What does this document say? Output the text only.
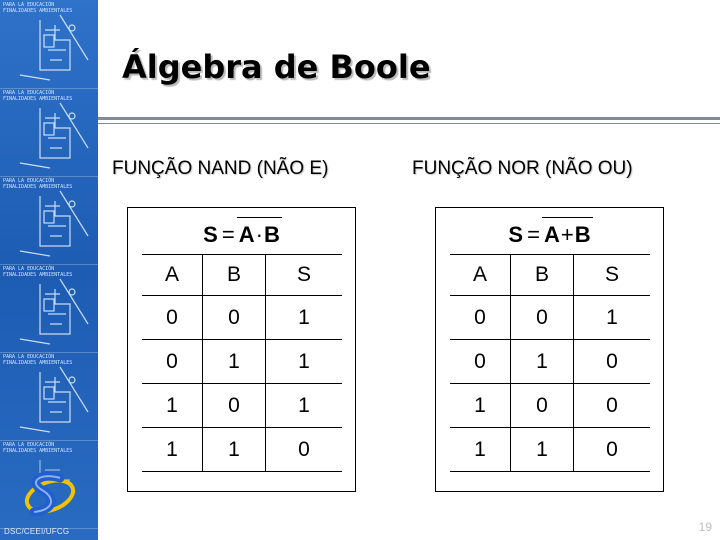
PARA LA EDUCACIÓN
FINALIDADES AMBIENTALES
PARA LA EDUCACIÓN
FINALIDADES AMBIENTALES
PARA LA EDUCACIÓN
FINALIDADES AMBIENTALES
PARA LA EDUCACIÓN
FINALIDADES AMBIENTALES
PARA LA EDUCACIÓN
FINALIDADES AMBIENTALES
PARA LA EDUCACIÓN
FINALIDADES AMBIENTALES
DSC/CEEI/UFCG
Álgebra de Boole
FUNÇÃO NAND (NÃO E)	FUNÇÃO NOR (NÃO OU)
S = A·B
A	B	S
0	0	1
0	1	1
1	0	1
1	1	0
S = A+B
A	B	S
0	0	1
0	1	0
1	0	0
1	1	0
19
